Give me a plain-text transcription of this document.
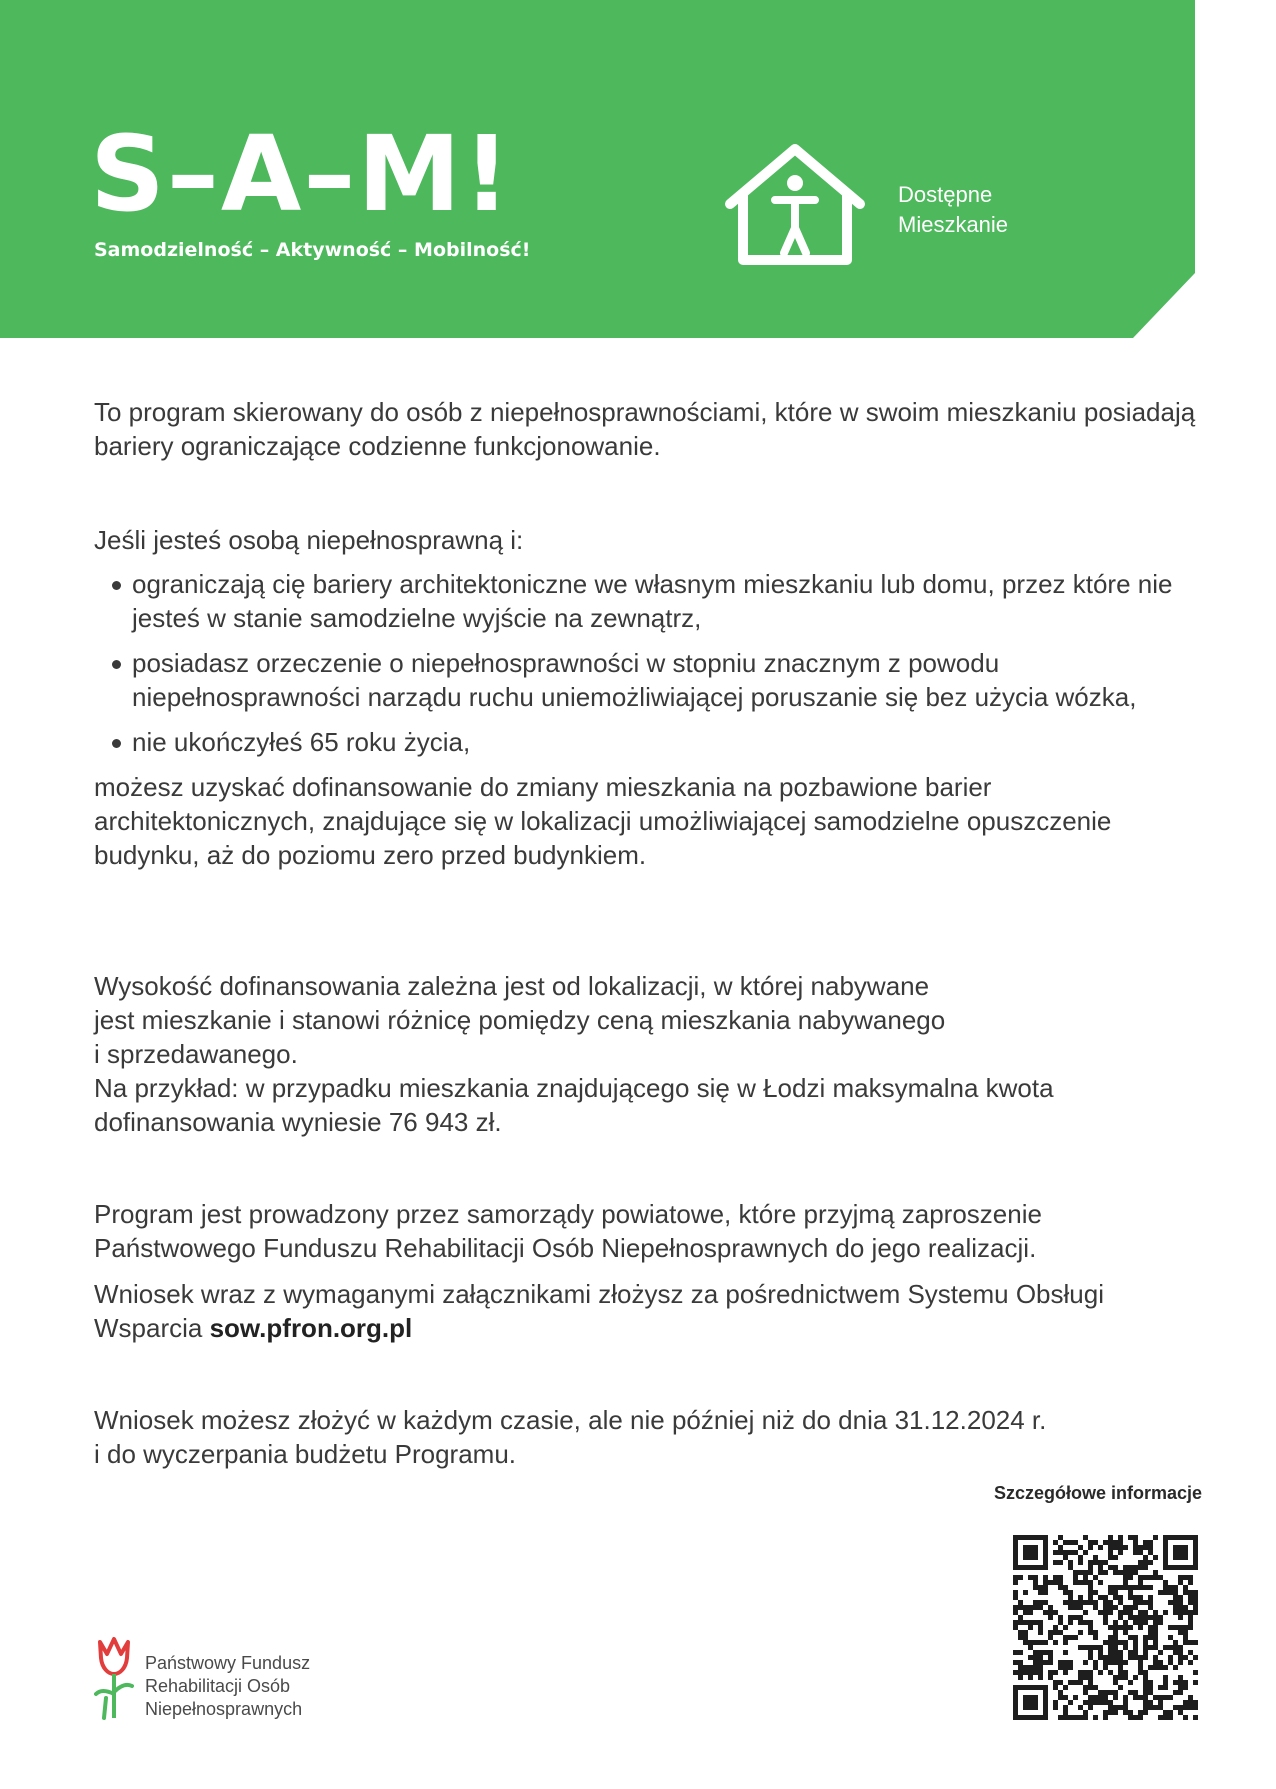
S–A–M!
Samodzielność – Aktywność – Mobilność!
Dostępne
Mieszkanie

To program skierowany do osób z niepełnosprawnościami, które w swoim mieszkaniu posiadają bariery ograniczające codzienne funkcjonowanie.

Jeśli jesteś osobą niepełnosprawną i:

ograniczają cię bariery architektoniczne we własnym mieszkaniu lub domu, przez które nie jesteś w stanie samodzielne wyjście na zewnątrz,
posiadasz orzeczenie o niepełnosprawności w stopniu znacznym z powodu niepełnosprawności narządu ruchu uniemożliwiającej poruszanie się bez użycia wózka,
nie ukończyłeś 65 roku życia,

możesz uzyskać dofinansowanie do zmiany mieszkania na pozbawione barier architektonicznych, znajdujące się w lokalizacji umożliwiającej samodzielne opuszczenie budynku, aż do poziomu zero przed budynkiem.

Wysokość dofinansowania zależna jest od lokalizacji, w której nabywane

jest mieszkanie i stanowi różnicę pomiędzy ceną mieszkania nabywanego

i sprzedawanego.

Na przykład: w przypadku mieszkania znajdującego się w Łodzi maksymalna kwota dofinansowania wyniesie 76 943 zł.

Program jest prowadzony przez samorządy powiatowe, które przyjmą zaproszenie Państwowego Funduszu Rehabilitacji Osób Niepełnosprawnych do jego realizacji.

Wniosek wraz z wymaganymi załącznikami złożysz za pośrednictwem Systemu Obsługi Wsparcia sow.pfron.org.pl

Wniosek możesz złożyć w każdym czasie, ale nie później niż do dnia 31.12.2024 r.

i do wyczerpania budżetu Programu.

Szczegółowe informacje
Państwowy Fundusz
Rehabilitacji Osób
Niepełnosprawnych
